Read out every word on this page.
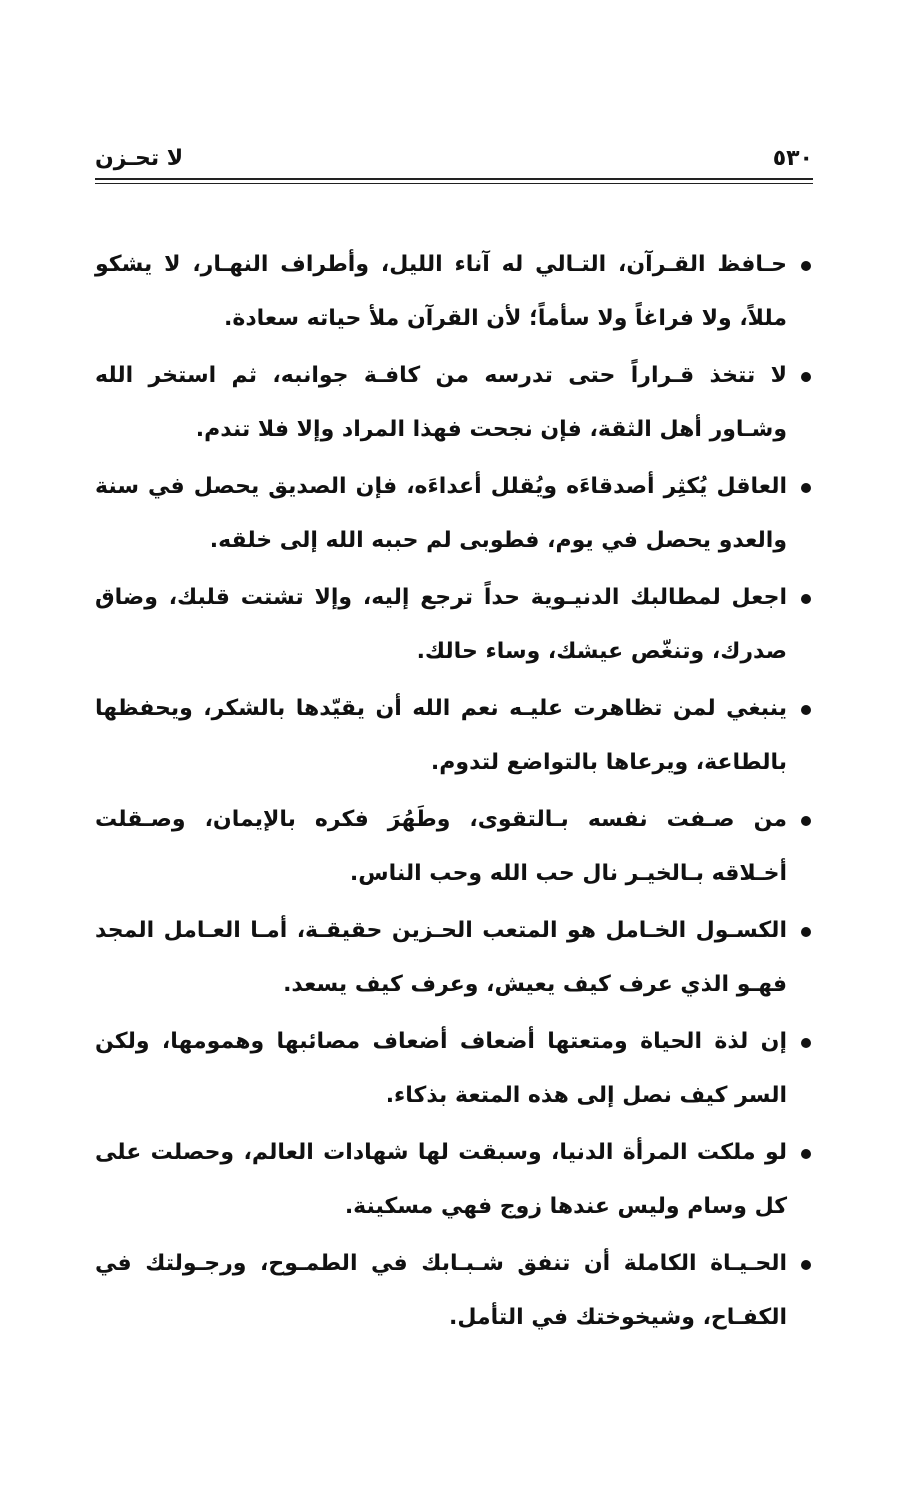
لا تحـزن	٥٣٠
حـافظ القـرآن، التـالي له آناء الليل، وأطراف النهـار، لا يشكو مللاً، ولا فراغاً ولا سأماً؛ لأن القرآن ملأ حياته سعادة.
لا تتخذ قـراراً حتى تدرسه من كافـة جوانبه، ثم استخر الله وشـاور أهل الثقة، فإن نجحت فهذا المراد وإلا فلا تندم.
العاقل يُكثِر أصدقاءَه ويُقلل أعداءَه، فإن الصديق يحصل في سنة والعدو يحصل في يوم، فطوبى لم حببه الله إلى خلقه.
اجعل لمطالبك الدنيـوية حداً ترجع إليه، وإلا تشتت قلبك، وضاق صدرك، وتنغّص عيشك، وساء حالك.
ينبغي لمن تظاهرت عليـه نعم الله أن يقيّدها بالشكر، ويحفظها بالطاعة، ويرعاها بالتواضع لتدوم.
من صـفت نفسه بـالتقوى، وطَهُرَ فكره بالإيمان، وصـقلت أخـلاقه بـالخيـر نال حب الله وحب الناس.
الكسـول الخـامل هو المتعب الحـزين حقيقـة، أمـا العـامل المجد فهـو الذي عرف كيف يعيش، وعرف كيف يسعد.
إن لذة الحياة ومتعتها أضعاف أضعاف مصائبها وهمومها، ولكن السر كيف نصل إلى هذه المتعة بذكاء.
لو ملكت المرأة الدنيا، وسبقت لها شهادات العالم، وحصلت على كل وسام وليس عندها زوج فهي مسكينة.
الحـيـاة الكاملة أن تنفق شـبـابك في الطمـوح، ورجـولتك في الكفـاح، وشيخوختك في التأمل.
